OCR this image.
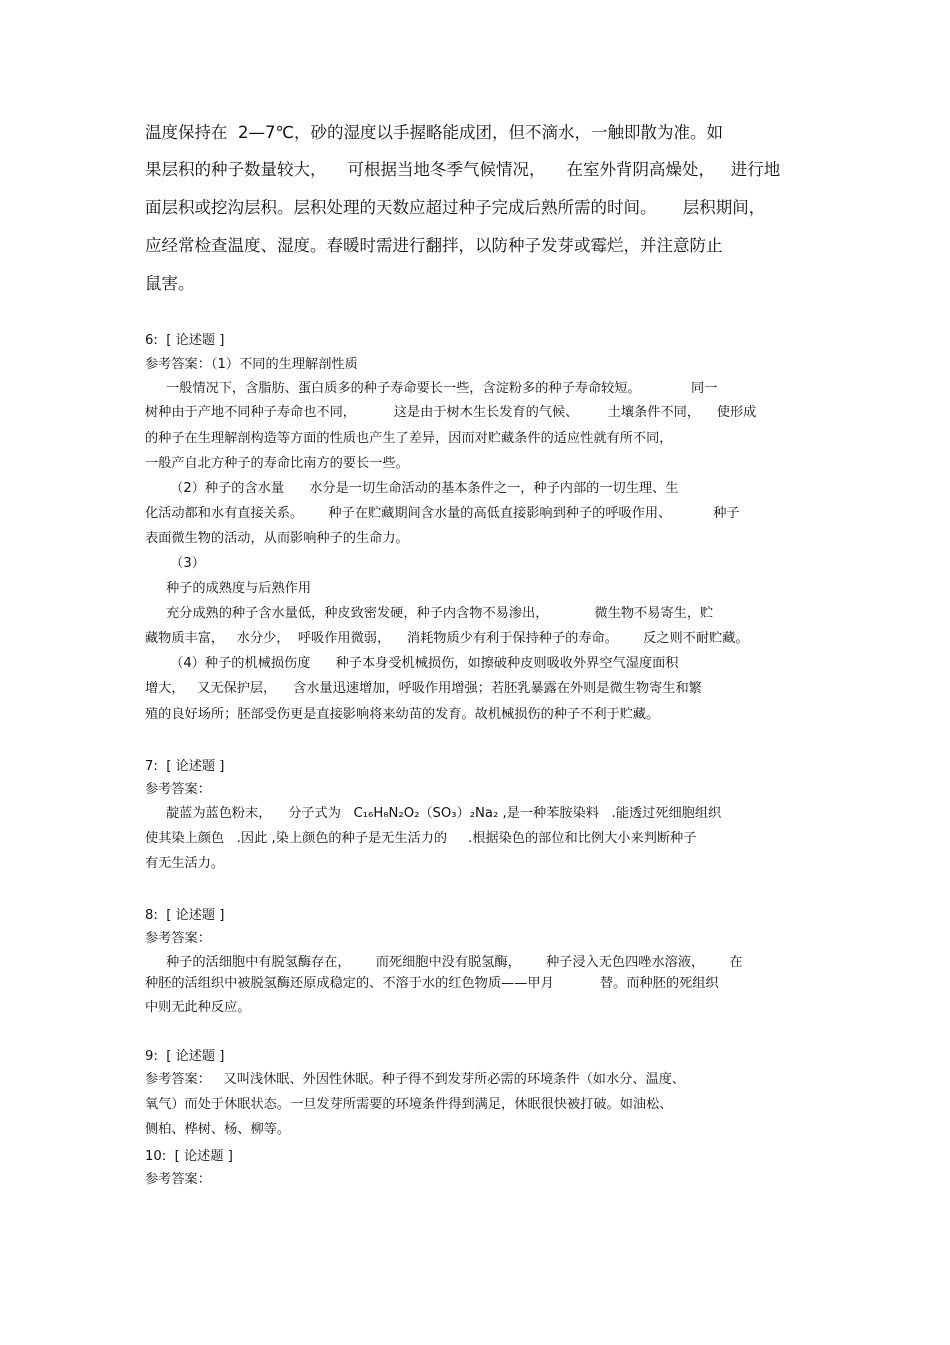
温度保持在  2—7℃，砂的湿度以手握略能成团，但不滴水，一触即散为准。如
果层积的种子数量较大，    可根据当地冬季气候情况，    在室外背阴高燥处，   进行地
面层积或挖沟层积。层积处理的天数应超过种子完成后熟所需的时间。     层积期间，
应经常检查温度、湿度。春暖时需进行翻拌，以防种子发芽或霉烂，并注意防止
鼠害。
6:  [ 论述题 ]
参考答案：（1）不同的生理解剖性质
一般情况下，含脂肪、蛋白质多的种子寿命要长一些，含淀粉多的种子寿命较短。            同一
树种由于产地不同种子寿命也不同，         这是由于树木生长发育的气候、       土壤条件不同，    使形成
的种子在生理解剖构造等方面的性质也产生了差异，因而对贮藏条件的适应性就有所不同，
一般产自北方种子的寿命比南方的要长一些。
（2）种子的含水量      水分是一切生命活动的基本条件之一，种子内部的一切生理、生
化活动都和水有直接关系。      种子在贮藏期间含水量的高低直接影响到种子的呼吸作用、          种子
表面微生物的活动，从而影响种子的生命力。
（3）
种子的成熟度与后熟作用
充分成熟的种子含水量低，种皮致密发硬，种子内含物不易渗出，           微生物不易寄生，贮
藏物质丰富，   水分少，  呼吸作用微弱，    消耗物质少有利于保持种子的寿命。      反之则不耐贮藏。
（4）种子的机械损伤度      种子本身受机械损伤，如擦破种皮则吸收外界空气湿度面积
增大，   又无保护层，    含水量迅速增加，呼吸作用增强；若胚乳暴露在外则是微生物寄生和繁
殖的良好场所；胚部受伤更是直接影响将来幼苗的发育。故机械损伤的种子不利于贮藏。
7:  [ 论述题 ]
参考答案：
靛蓝为蓝色粉末，    分子式为   C₁₆H₈N₂O₂（SO₃）₂Na₂ ,是一种苯胺染料   .能透过死细胞组织
使其染上颜色   .因此 ,染上颜色的种子是无生活力的     .根据染色的部位和比例大小来判断种子
有无生活力。
8:  [ 论述题 ]
参考答案：
种子的活细胞中有脱氢酶存在，      而死细胞中没有脱氢酶，      种子浸入无色四唑水溶液，      在
种胚的活组织中被脱氢酶还原成稳定的、不溶于水的红色物质——甲月           替。而种胚的死组织
中则无此种反应。
9:  [ 论述题 ]
参考答案：   又叫浅休眠、外因性休眠。种子得不到发芽所必需的环境条件（如水分、温度、
氧气）而处于休眠状态。一旦发芽所需要的环境条件得到满足，休眠很快被打破。如油松、
侧柏、桦树、杨、柳等。
10:  [ 论述题 ]
参考答案：
